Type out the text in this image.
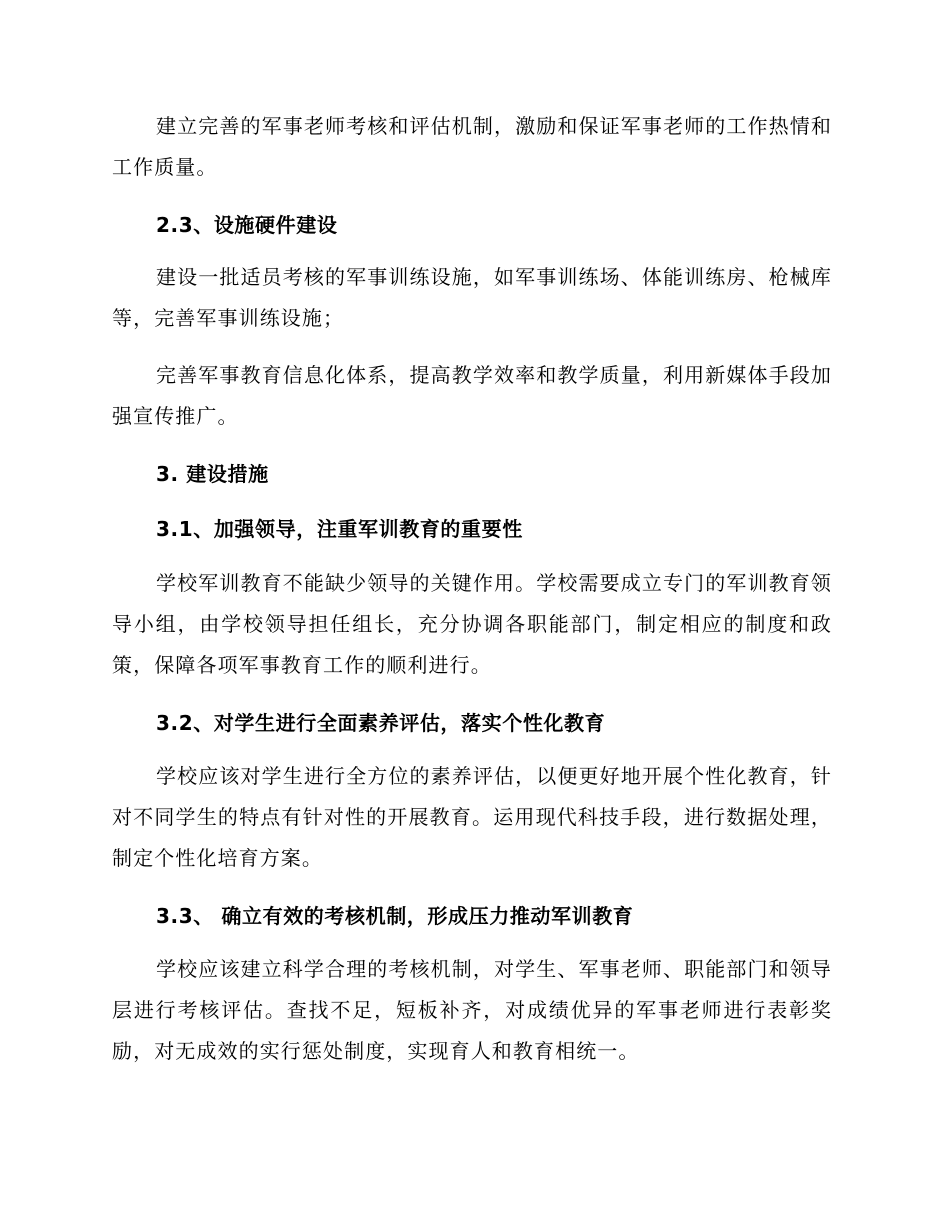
建立完善的军事老师考核和评估机制，激励和保证军事老师的工作热情和工作质量。

2.3、设施硬件建设

建设一批适员考核的军事训练设施，如军事训练场、体能训练房、枪械库等，完善军事训练设施；

完善军事教育信息化体系，提高教学效率和教学质量，利用新媒体手段加强宣传推广。

3. 建设措施
3.1、加强领导，注重军训教育的重要性

学校军训教育不能缺少领导的关键作用。学校需要成立专门的军训教育领导小组，由学校领导担任组长，充分协调各职能部门，制定相应的制度和政策，保障各项军事教育工作的顺利进行。

3.2、对学生进行全面素养评估，落实个性化教育

学校应该对学生进行全方位的素养评估，以便更好地开展个性化教育，针对不同学生的特点有针对性的开展教育。运用现代科技手段，进行数据处理，制定个性化培育方案。

3.3、 确立有效的考核机制，形成压力推动军训教育

学校应该建立科学合理的考核机制，对学生、军事老师、职能部门和领导层进行考核评估。查找不足，短板补齐，对成绩优异的军事老师进行表彰奖励，对无成效的实行惩处制度，实现育人和教育相统一。
